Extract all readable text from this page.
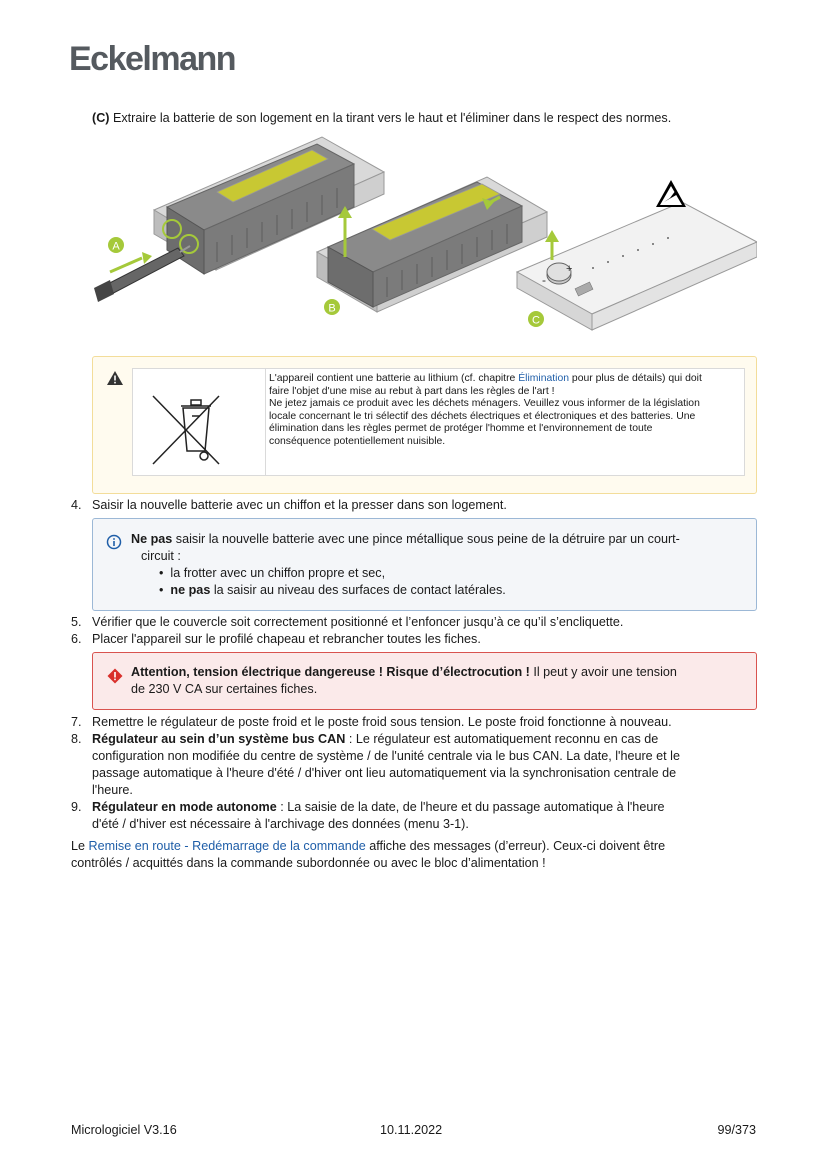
Eckelmann
(C) Extraire la batterie de son logement en la tirant vers le haut et l'éliminer dans le respect des normes.
A
B
+
-
C
L'appareil contient une batterie au lithium (cf. chapitre Élimination pour plus de détails) qui doit
faire l'objet d'une mise au rebut à part dans les règles de l'art !
Ne jetez jamais ce produit avec les déchets ménagers. Veuillez vous informer de la législation
locale concernant le tri sélectif des déchets électriques et électroniques et des batteries. Une
élimination dans les règles permet de protéger l'homme et l'environnement de toute
conséquence potentiellement nuisible.
4. Saisir la nouvelle batterie avec un chiffon et la presser dans son logement.
Ne pas saisir la nouvelle batterie avec une pince métallique sous peine de la détruire par un court-
circuit :
•  la frotter avec un chiffon propre et sec,
•  ne pas la saisir au niveau des surfaces de contact latérales.
5. Vérifier que le couvercle soit correctement positionné et l’enfoncer jusqu’à ce qu’il s’encliquette.
6. Placer l'appareil sur le profilé chapeau et rebrancher toutes les fiches.
Attention, tension électrique dangereuse ! Risque d’électrocution ! Il peut y avoir une tension
de 230 V CA sur certaines fiches.
7. Remettre le régulateur de poste froid et le poste froid sous tension. Le poste froid fonctionne à nouveau.
8. Régulateur au sein d’un système bus CAN : Le régulateur est automatiquement reconnu en cas de
configuration non modifiée du centre de système / de l'unité centrale via le bus CAN. La date, l'heure et le
passage automatique à l'heure d'été / d'hiver ont lieu automatiquement via la synchronisation centrale de
l'heure.
9. Régulateur en mode autonome : La saisie de la date, de l'heure et du passage automatique à l'heure
d'été / d'hiver est nécessaire à l'archivage des données (menu 3-1).
Le Remise en route - Redémarrage de la commande affiche des messages (d’erreur). Ceux-ci doivent être
contrôlés / acquittés dans la commande subordonnée ou avec le bloc d’alimentation !
Micrologiciel V3.16	10.11.2022	99/373
